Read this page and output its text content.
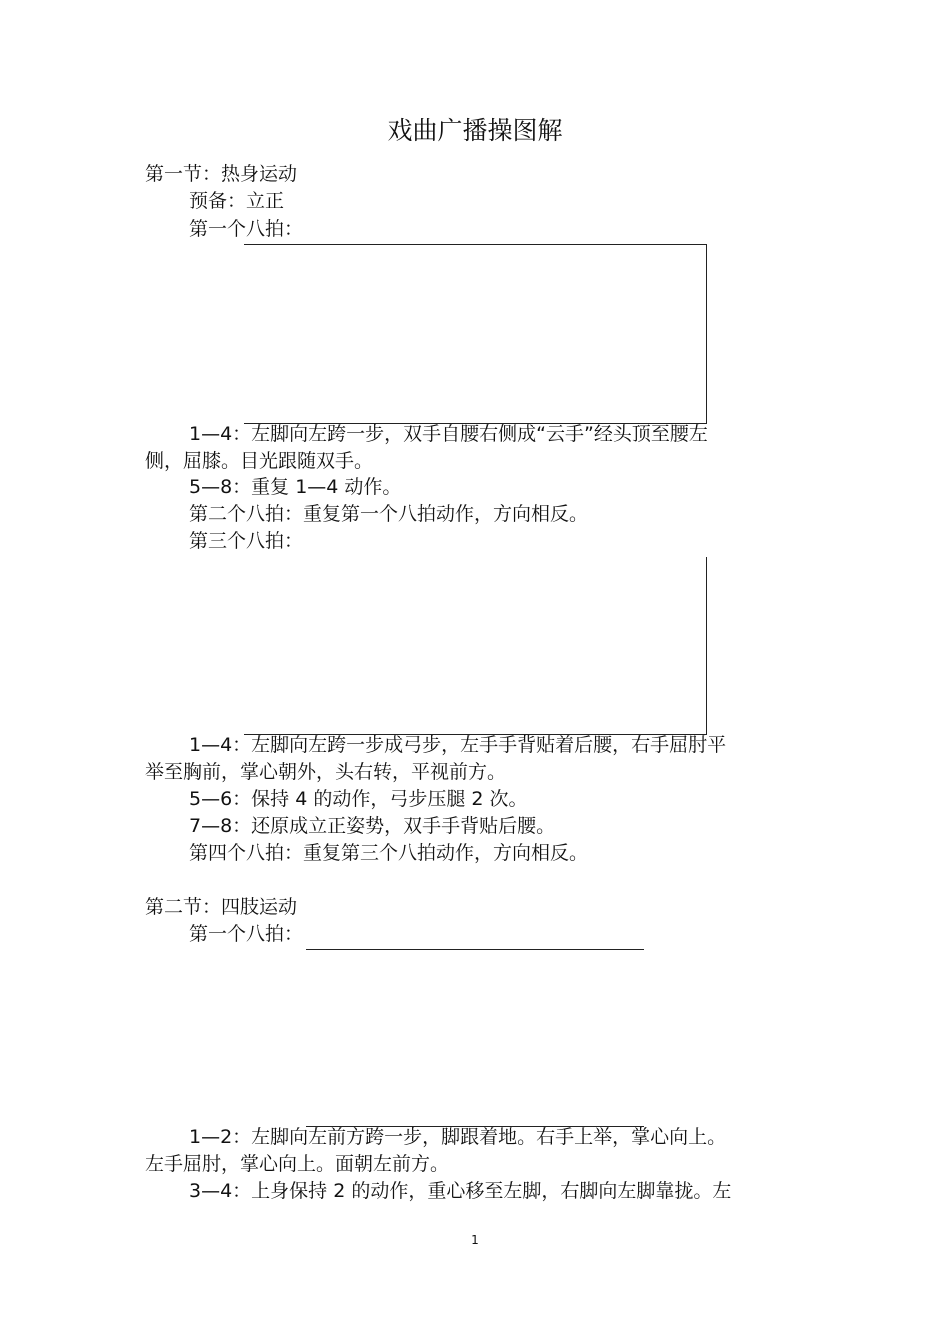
戏曲广播操图解
第一节：热身运动
预备：立正
第一个八拍：
1—4：左脚向左跨一步，双手自腰右侧成“云手”经头顶至腰左
侧，屈膝。目光跟随双手。
5—8：重复 1—4 动作。
第二个八拍：重复第一个八拍动作，方向相反。
第三个八拍：
1—4：左脚向左跨一步成弓步，左手手背贴着后腰，右手屈肘平
举至胸前，掌心朝外，头右转，平视前方。
5—6：保持 4 的动作，弓步压腿 2 次。
7—8：还原成立正姿势，双手手背贴后腰。
第四个八拍：重复第三个八拍动作，方向相反。
第二节：四肢运动
第一个八拍：
1—2：左脚向左前方跨一步，脚跟着地。右手上举，掌心向上。
左手屈肘，掌心向上。面朝左前方。
3—4：上身保持 2 的动作，重心移至左脚，右脚向左脚靠拢。左
1
